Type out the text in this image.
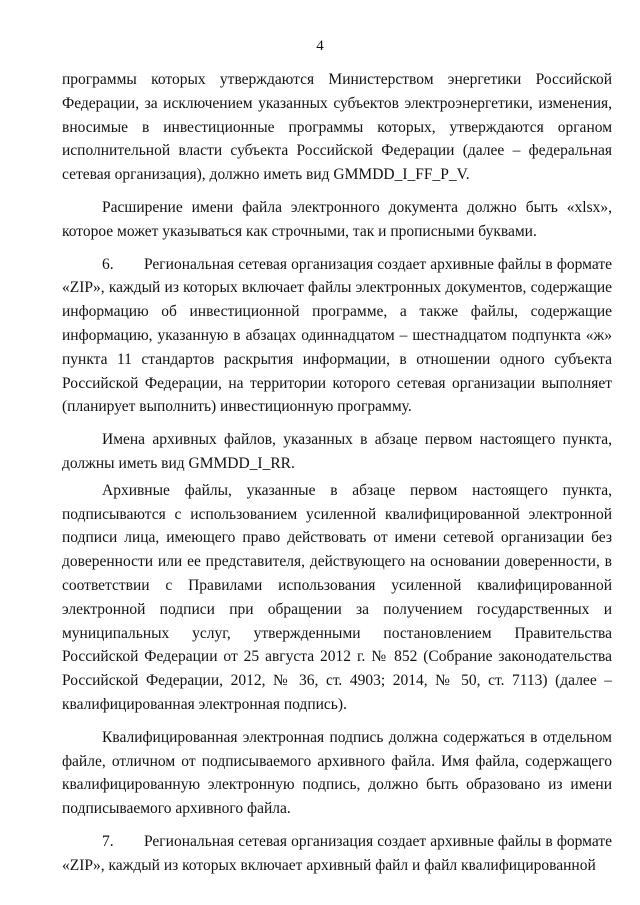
4

программы которых утверждаются Министерством энергетики Российской Федерации, за исключением указанных субъектов электроэнергетики, изменения, вносимые в инвестиционные программы которых, утверждаются органом исполнительной власти субъекта Российской Федерации (далее – федеральная сетевая организация), должно иметь вид GMMDD_I_FF_P_V.

Расширение имени файла электронного документа должно быть «xlsx», которое может указываться как строчными, так и прописными буквами.

6. Региональная сетевая организация создает архивные файлы в формате «ZIP», каждый из которых включает файлы электронных документов, содержащие информацию об инвестиционной программе, а также файлы, содержащие информацию, указанную в абзацах одиннадцатом – шестнадцатом подпункта «ж» пункта 11 стандартов раскрытия информации, в отношении одного субъекта Российской Федерации, на территории которого сетевая организации выполняет (планирует выполнить) инвестиционную программу.

Имена архивных файлов, указанных в абзаце первом настоящего пункта, должны иметь вид GMMDD_I_RR.

Архивные файлы, указанные в абзаце первом настоящего пункта, подписываются с использованием усиленной квалифицированной электронной подписи лица, имеющего право действовать от имени сетевой организации без доверенности или ее представителя, действующего на основании доверенности, в соответствии с Правилами использования усиленной квалифицированной электронной подписи при обращении за получением государственных и муниципальных услуг, утвержденными постановлением Правительства Российской Федерации от 25 августа 2012 г. № 852 (Собрание законодательства Российской Федерации, 2012, № 36, ст. 4903; 2014, № 50, ст. 7113) (далее – квалифицированная электронная подпись).

Квалифицированная электронная подпись должна содержаться в отдельном файле, отличном от подписываемого архивного файла. Имя файла, содержащего квалифицированную электронную подпись, должно быть образовано из имени подписываемого архивного файла.

7. Региональная сетевая организация создает архивные файлы в формате «ZIP», каждый из которых включает архивный файл и файл квалифицированной
